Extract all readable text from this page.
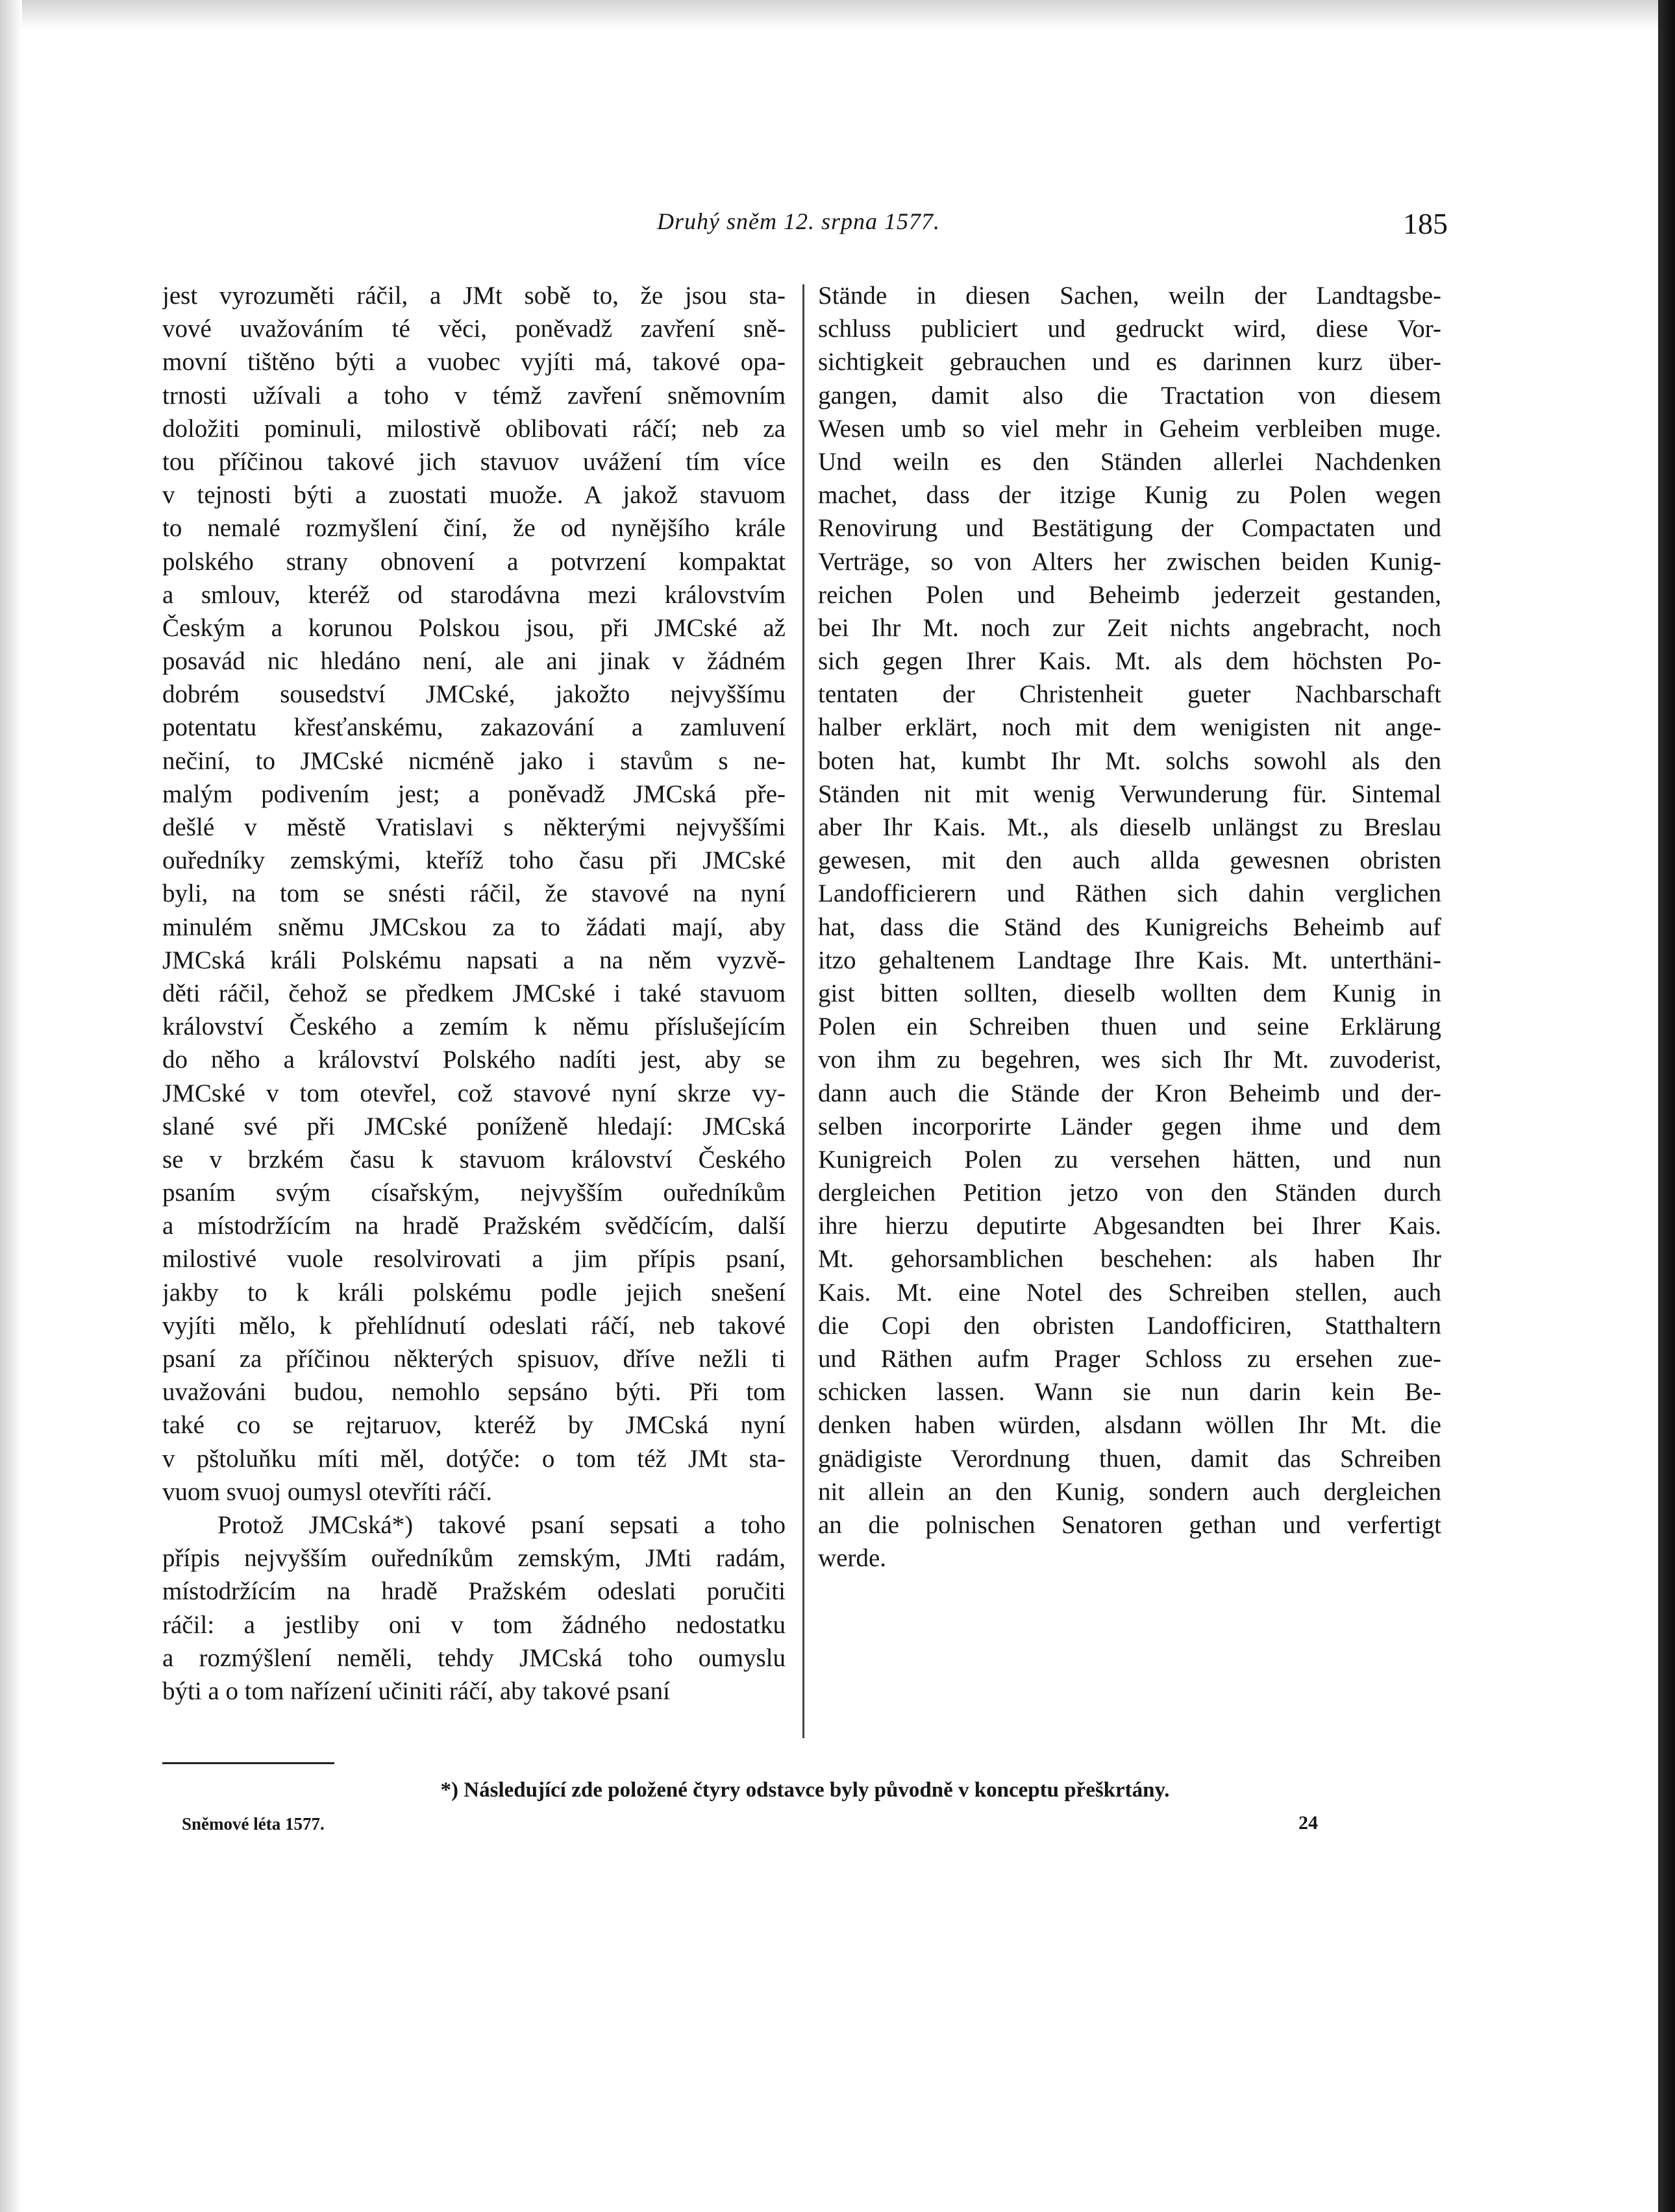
Druhý sněm 12. srpna 1577.	185
jest vyrozuměti ráčil, a JMt sobě to, že jsou sta-
vové uvažováním té věci, poněvadž zavření sně-
movní tištěno býti a vuobec vyjíti má, takové opa-
trnosti užívali a toho v témž zavření sněmovním
doložiti pominuli, milostivě oblibovati ráčí; neb za
tou příčinou takové jich stavuov uvážení tím více
v tejnosti býti a zuostati muože. A jakož stavuom
to nemalé rozmyšlení činí, že od nynějšího krále
polského strany obnovení a potvrzení kompaktat
a smlouv, kteréž od starodávna mezi královstvím
Českým a korunou Polskou jsou, při JMCské až
posavád nic hledáno není, ale ani jinak v žádném
dobrém sousedství JMCské, jakožto nejvyššímu
potentatu křesťanskému, zakazování a zamluvení
nečiní, to JMCské nicméně jako i stavům s ne-
malým podivením jest; a poněvadž JMCská pře-
dešlé v městě Vratislavi s některými nejvyššími
ouředníky zemskými, kteříž toho času při JMCské
byli, na tom se snésti ráčil, že stavové na nyní
minulém sněmu JMCskou za to žádati mají, aby
JMCská králi Polskému napsati a na něm vyzvě-
děti ráčil, čehož se předkem JMCské i také stavuom
království Českého a zemím k němu příslušejícím
do něho a království Polského nadíti jest, aby se
JMCské v tom otevřel, což stavové nyní skrze vy-
slané své při JMCské poníženě hledají: JMCská
se v brzkém času k stavuom království Českého
psaním svým císařským, nejvyšším ouředníkům
a místodržícím na hradě Pražském svědčícím, další
milostivé vuole resolvirovati a jim přípis psaní,
jakby to k králi polskému podle jejich snešení
vyjíti mělo, k přehlídnutí odeslati ráčí, neb takové
psaní za příčinou některých spisuov, dříve nežli ti
uvažováni budou, nemohlo sepsáno býti. Při tom
také co se rejtaruov, kteréž by JMCská nyní
v pštoluňku míti měl, dotýče: o tom též JMt sta-
vuom svuoj oumysl otevříti ráčí.
Protož JMCská*) takové psaní sepsati a toho
přípis nejvyšším ouředníkům zemským, JMti radám,
místodržícím na hradě Pražském odeslati poručiti
ráčil: a jestliby oni v tom žádného nedostatku
a rozmýšlení neměli, tehdy JMCská toho oumyslu
býti a o tom nařízení učiniti ráčí, aby takové psaní
Stände in diesen Sachen, weiln der Landtagsbe-
schluss publiciert und gedruckt wird, diese Vor-
sichtigkeit gebrauchen und es darinnen kurz über-
gangen, damit also die Tractation von diesem
Wesen umb so viel mehr in Geheim verbleiben muge.
Und weiln es den Ständen allerlei Nachdenken
machet, dass der itzige Kunig zu Polen wegen
Renovirung und Bestätigung der Compactaten und
Verträge, so von Alters her zwischen beiden Kunig-
reichen Polen und Beheimb jederzeit gestanden,
bei Ihr Mt. noch zur Zeit nichts angebracht, noch
sich gegen Ihrer Kais. Mt. als dem höchsten Po-
tentaten der Christenheit gueter Nachbarschaft
halber erklärt, noch mit dem wenigisten nit ange-
boten hat, kumbt Ihr Mt. solchs sowohl als den
Ständen nit mit wenig Verwunderung für. Sintemal
aber Ihr Kais. Mt., als dieselb unlängst zu Breslau
gewesen, mit den auch allda gewesnen obristen
Landofficierern und Räthen sich dahin verglichen
hat, dass die Ständ des Kunigreichs Beheimb auf
itzo gehaltenem Landtage Ihre Kais. Mt. unterthäni-
gist bitten sollten, dieselb wollten dem Kunig in
Polen ein Schreiben thuen und seine Erklärung
von ihm zu begehren, wes sich Ihr Mt. zuvoderist,
dann auch die Stände der Kron Beheimb und der-
selben incorporirte Länder gegen ihme und dem
Kunigreich Polen zu versehen hätten, und nun
dergleichen Petition jetzo von den Ständen durch
ihre hierzu deputirte Abgesandten bei Ihrer Kais.
Mt. gehorsamblichen beschehen: als haben Ihr
Kais. Mt. eine Notel des Schreiben stellen, auch
die Copi den obristen Landofficiren, Statthaltern
und Räthen aufm Prager Schloss zu ersehen zue-
schicken lassen. Wann sie nun darin kein Be-
denken haben würden, alsdann wöllen Ihr Mt. die
gnädigiste Verordnung thuen, damit das Schreiben
nit allein an den Kunig, sondern auch dergleichen
an die polnischen Senatoren gethan und verfertigt
werde.
*) Následující zde položené čtyry odstavce byly původně v konceptu přeškrtány.
Sněmové léta 1577.	24
